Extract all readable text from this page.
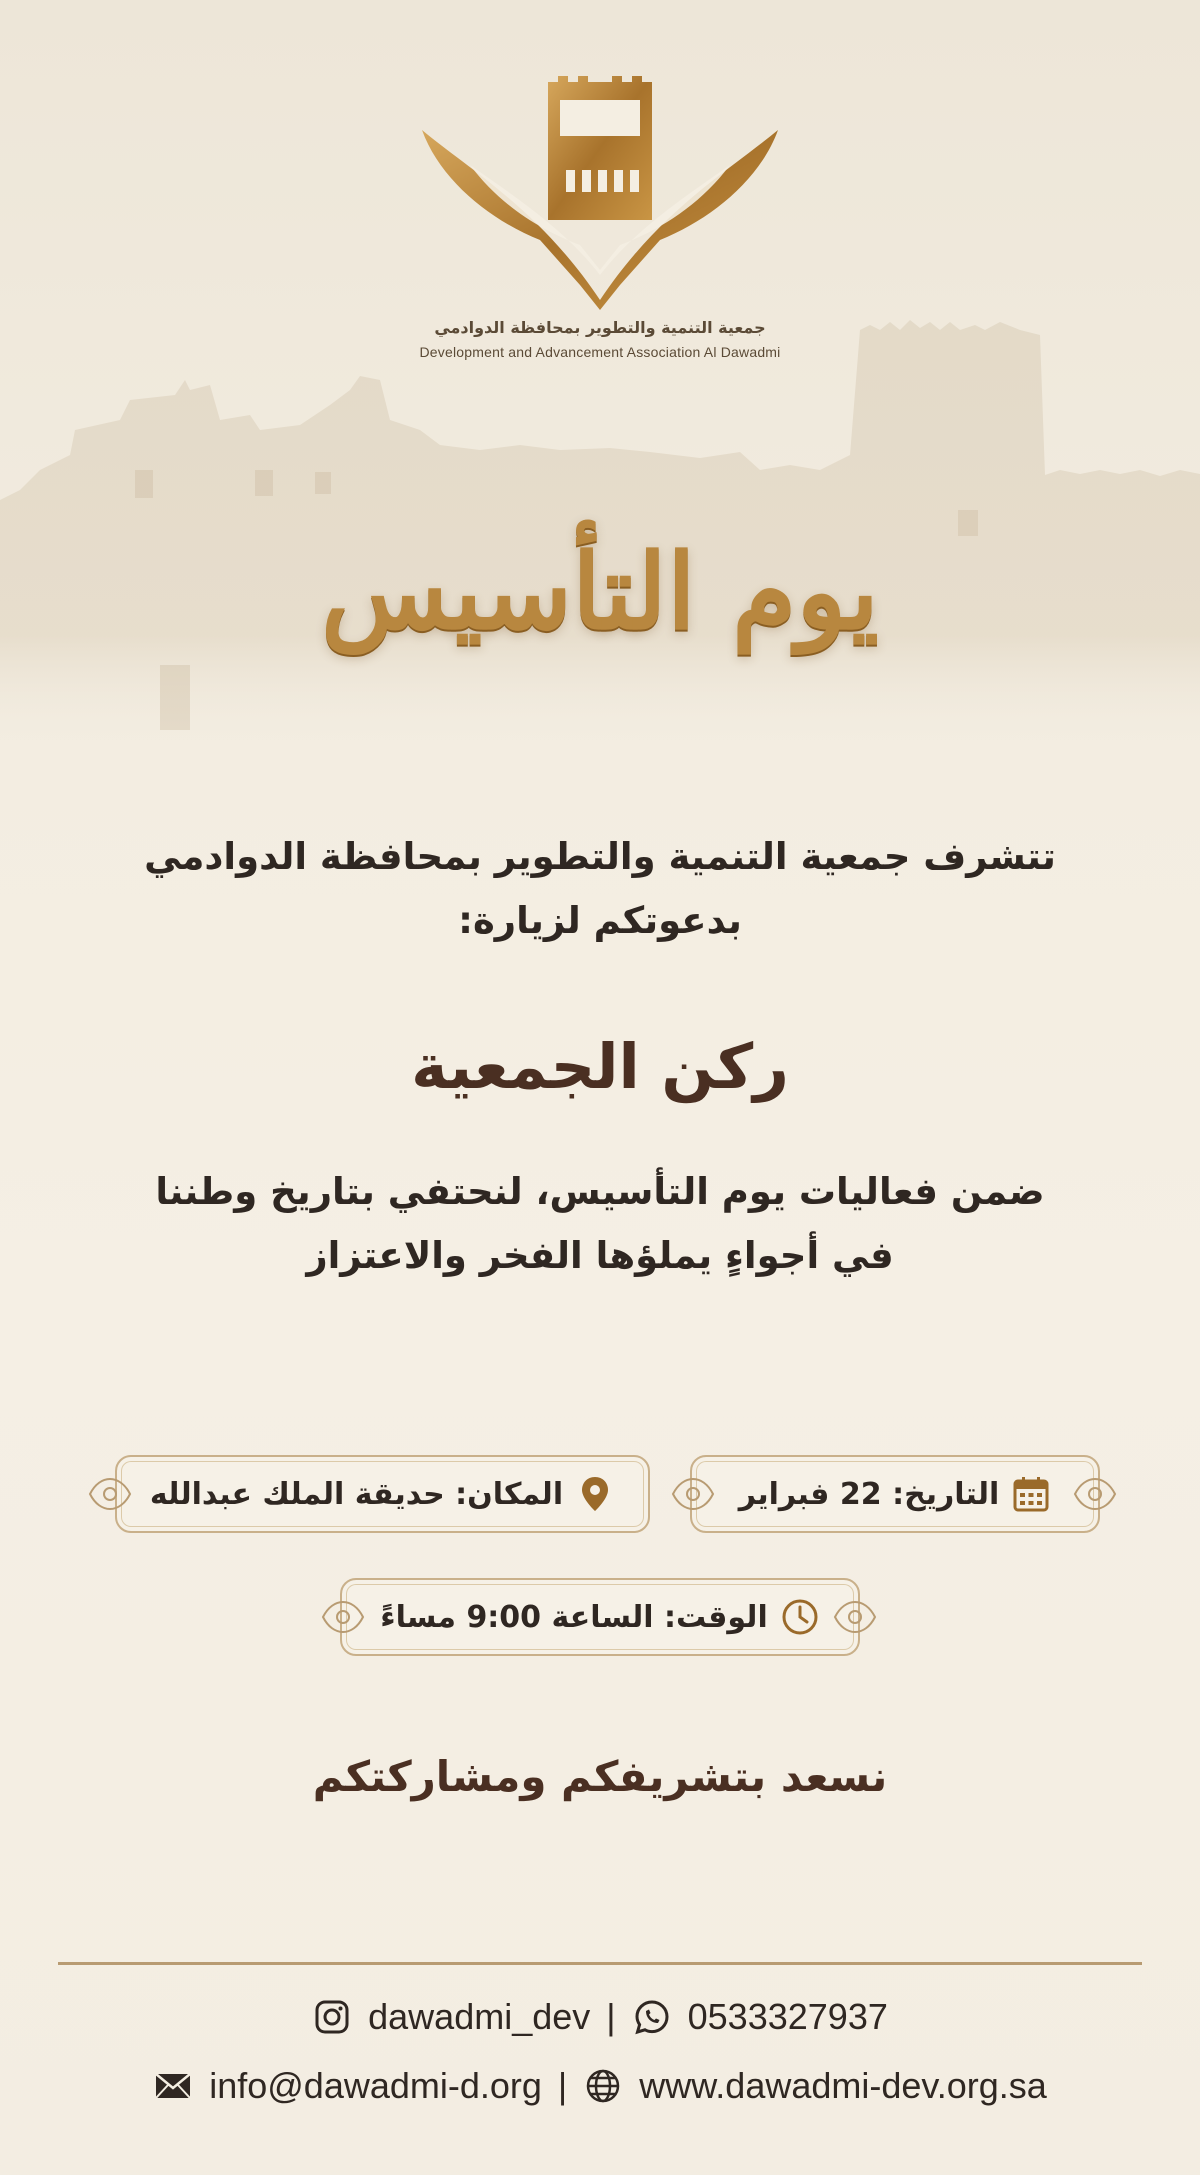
جمعية التنمية والتطوير بمحافظة الدوادمي
Development and Advancement Association Al Dawadmi
يوم التأسيس
تتشرف جمعية التنمية والتطوير بمحافظة الدوادمي
بدعوتكم لزيارة:
ركن الجمعية
ضمن فعاليات يوم التأسيس، لنحتفي بتاريخ وطننا
في أجواءٍ يملؤها الفخر والاعتزاز
التاريخ: 22 فبراير
المكان: حديقة الملك عبدالله
الوقت: الساعة 9:00 مساءً
نسعد بتشريفكم ومشاركتكم
dawadmi_dev | 0533327937
info@dawadmi-d.org | www.dawadmi-dev.org.sa
